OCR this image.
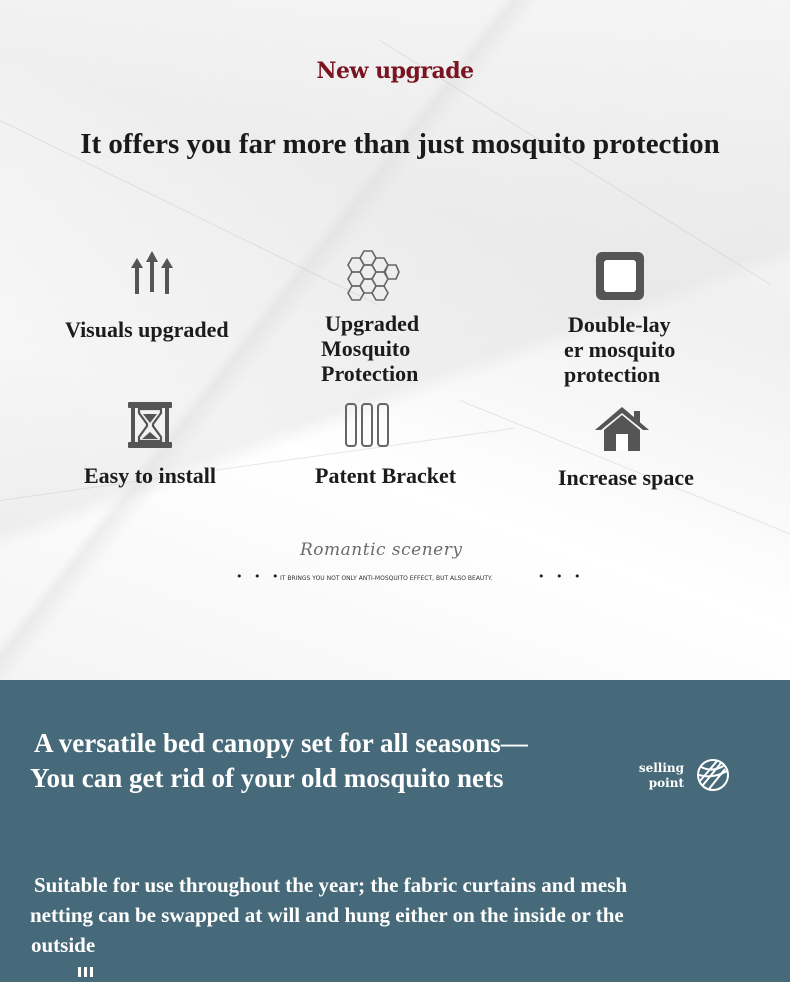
New upgrade
It offers you far more than just mosquito protection
Visuals upgraded	Upgraded
Mosquito
Protection
Double-lay
er mosquito
protection
Easy to install	Patent Bracket	Increase space
Romantic scenery
• • •
IT BRINGS YOU NOT ONLY ANTI-MOSQUITO EFFECT, BUT ALSO BEAUTY.	• • •
A versatile bed canopy set for all seasons—
You can get rid of your old mosquito nets	selling
point
Suitable for use throughout the year; the fabric curtains and mesh
netting can be swapped at will and hung either on the inside or the
outside
